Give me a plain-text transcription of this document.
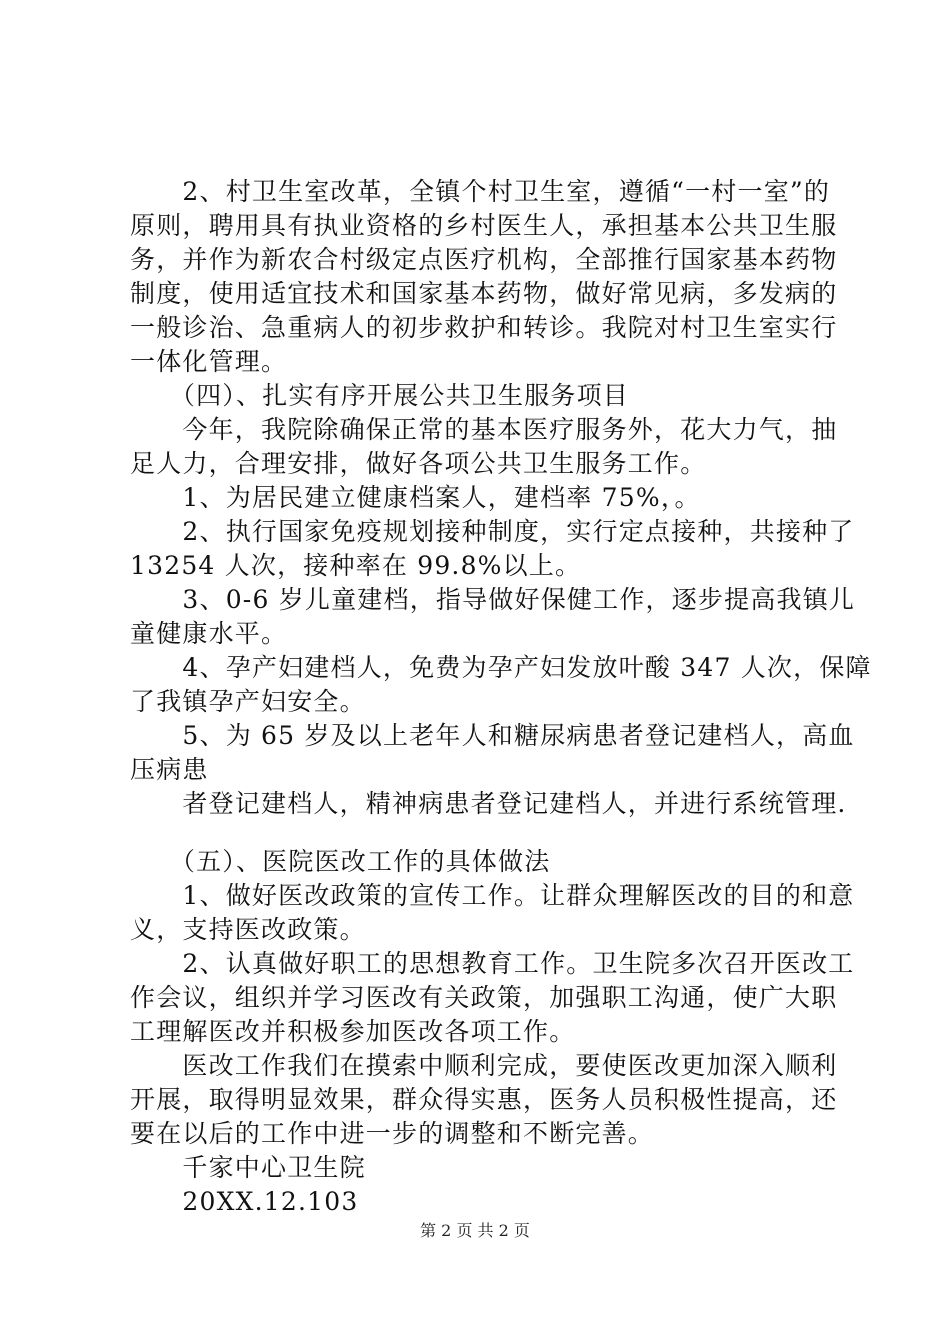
　　2、村卫生室改革，全镇个村卫生室，遵循“一村一室”的
原则，聘用具有执业资格的乡村医生人，承担基本公共卫生服
务，并作为新农合村级定点医疗机构，全部推行国家基本药物
制度，使用适宜技术和国家基本药物，做好常见病，多发病的
一般诊治、急重病人的初步救护和转诊。我院对村卫生室实行
一体化管理。
　　（四）、扎实有序开展公共卫生服务项目
　　今年，我院除确保正常的基本医疗服务外，花大力气，抽
足人力，合理安排，做好各项公共卫生服务工作。
　　1、为居民建立健康档案人，建档率 75%，。
　　2、执行国家免疫规划接种制度，实行定点接种，共接种了
13254 人次，接种率在 99.8%以上。
　　3、0-6 岁儿童建档，指导做好保健工作，逐步提高我镇儿
童健康水平。
　　4、孕产妇建档人，免费为孕产妇发放叶酸 347 人次，保障
了我镇孕产妇安全。
　　5、为 65 岁及以上老年人和糖尿病患者登记建档人，高血
压病患
　　者登记建档人，精神病患者登记建档人，并进行系统管理.
　　（五）、医院医改工作的具体做法
　　1、做好医改政策的宣传工作。让群众理解医改的目的和意
义，支持医改政策。
　　2、认真做好职工的思想教育工作。卫生院多次召开医改工
作会议，组织并学习医改有关政策，加强职工沟通，使广大职
工理解医改并积极参加医改各项工作。
　　医改工作我们在摸索中顺利完成，要使医改更加深入顺利
开展，取得明显效果，群众得实惠，医务人员积极性提高，还
要在以后的工作中进一步的调整和不断完善。
　　千家中心卫生院
　　20XX.12.103
第 2 页 共 2 页
